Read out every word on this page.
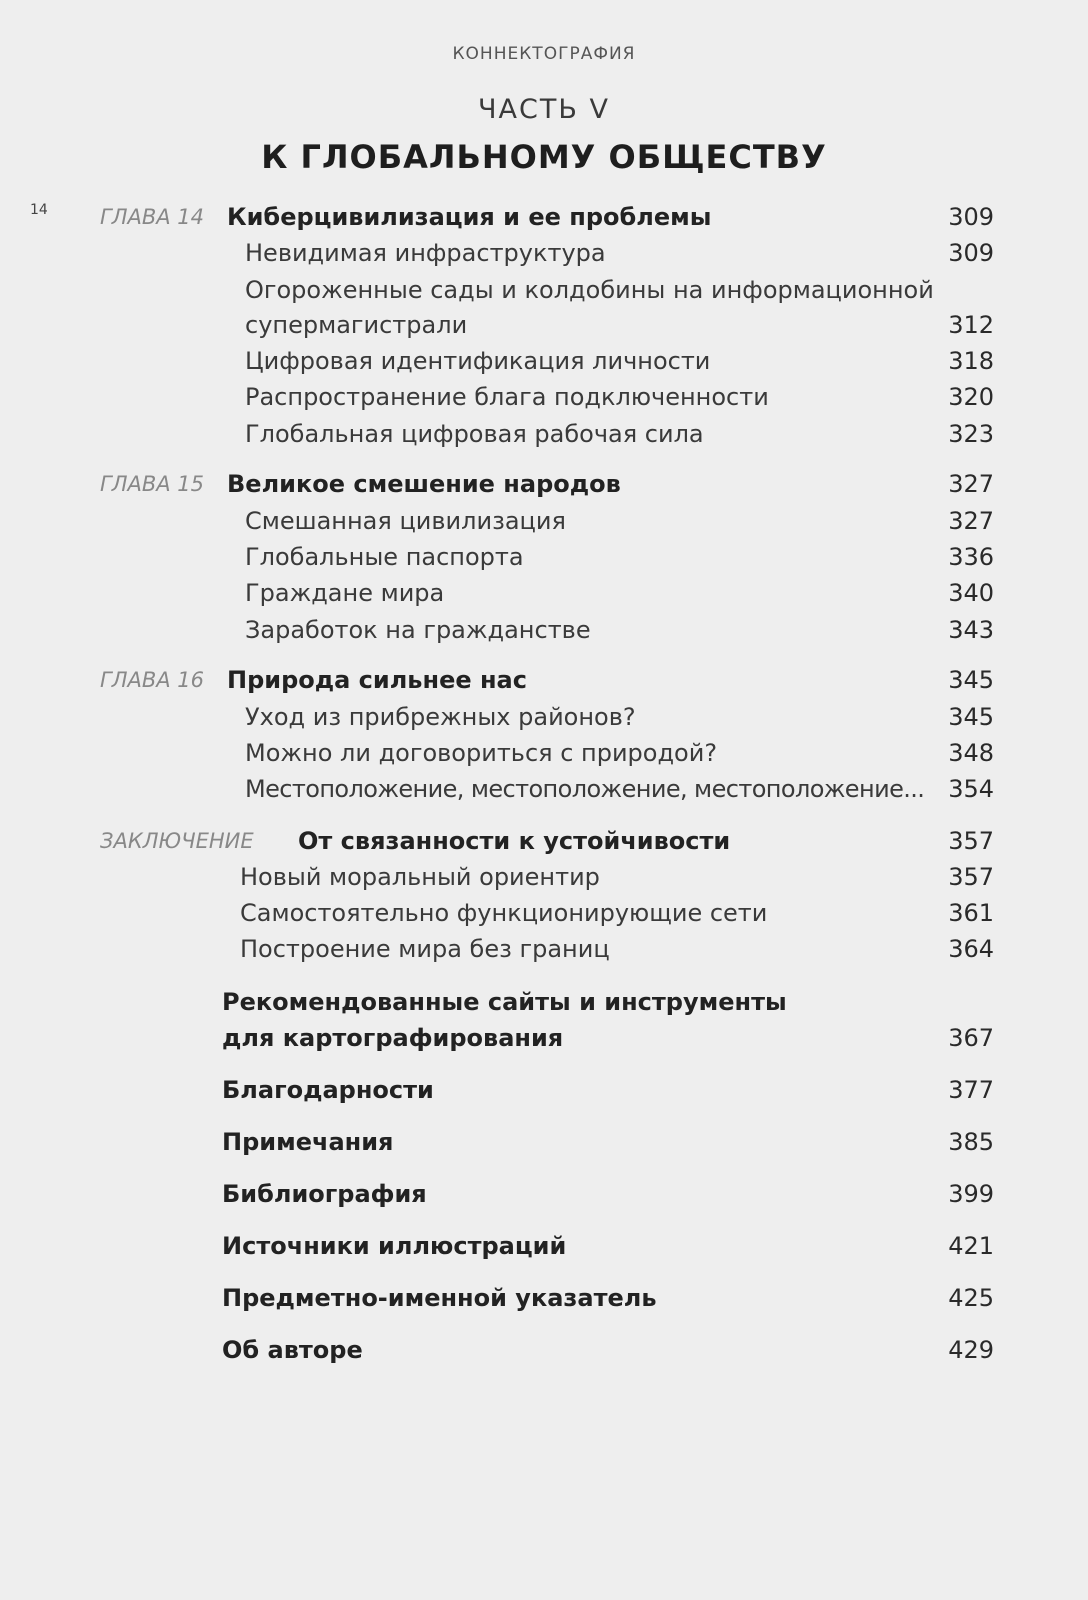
КОННЕКТОГРАФИЯ
14
ЧАСТЬ V
К ГЛОБАЛЬНОМУ ОБЩЕСТВУ
ГЛАВА 14 Киберцивилизация и ее проблемы	309
Невидимая инфраструктура	309
Огороженные сады и колдобины на информационной
супермагистрали	312
Цифровая идентификация личности	318
Распространение блага подключенности	320
Глобальная цифровая рабочая сила	323
ГЛАВА 15 Великое смешение народов	327
Смешанная цивилизация	327
Глобальные паспорта	336
Граждане мира	340
Заработок на гражданстве	343
ГЛАВА 16 Природа сильнее нас	345
Уход из прибрежных районов?	345
Можно ли договориться с природой?	348
Местоположение, местоположение, местоположение... 354
ЗАКЛЮЧЕНИЕ От связанности к устойчивости	357
Новый моральный ориентир	357
Самостоятельно функционирующие сети	361
Построение мира без границ	364
Рекомендованные сайты и инструменты
для картографирования	367
Благодарности	377
Примечания	385
Библиография	399
Источники иллюстраций	421
Предметно-именной указатель	425
Об авторе	429
